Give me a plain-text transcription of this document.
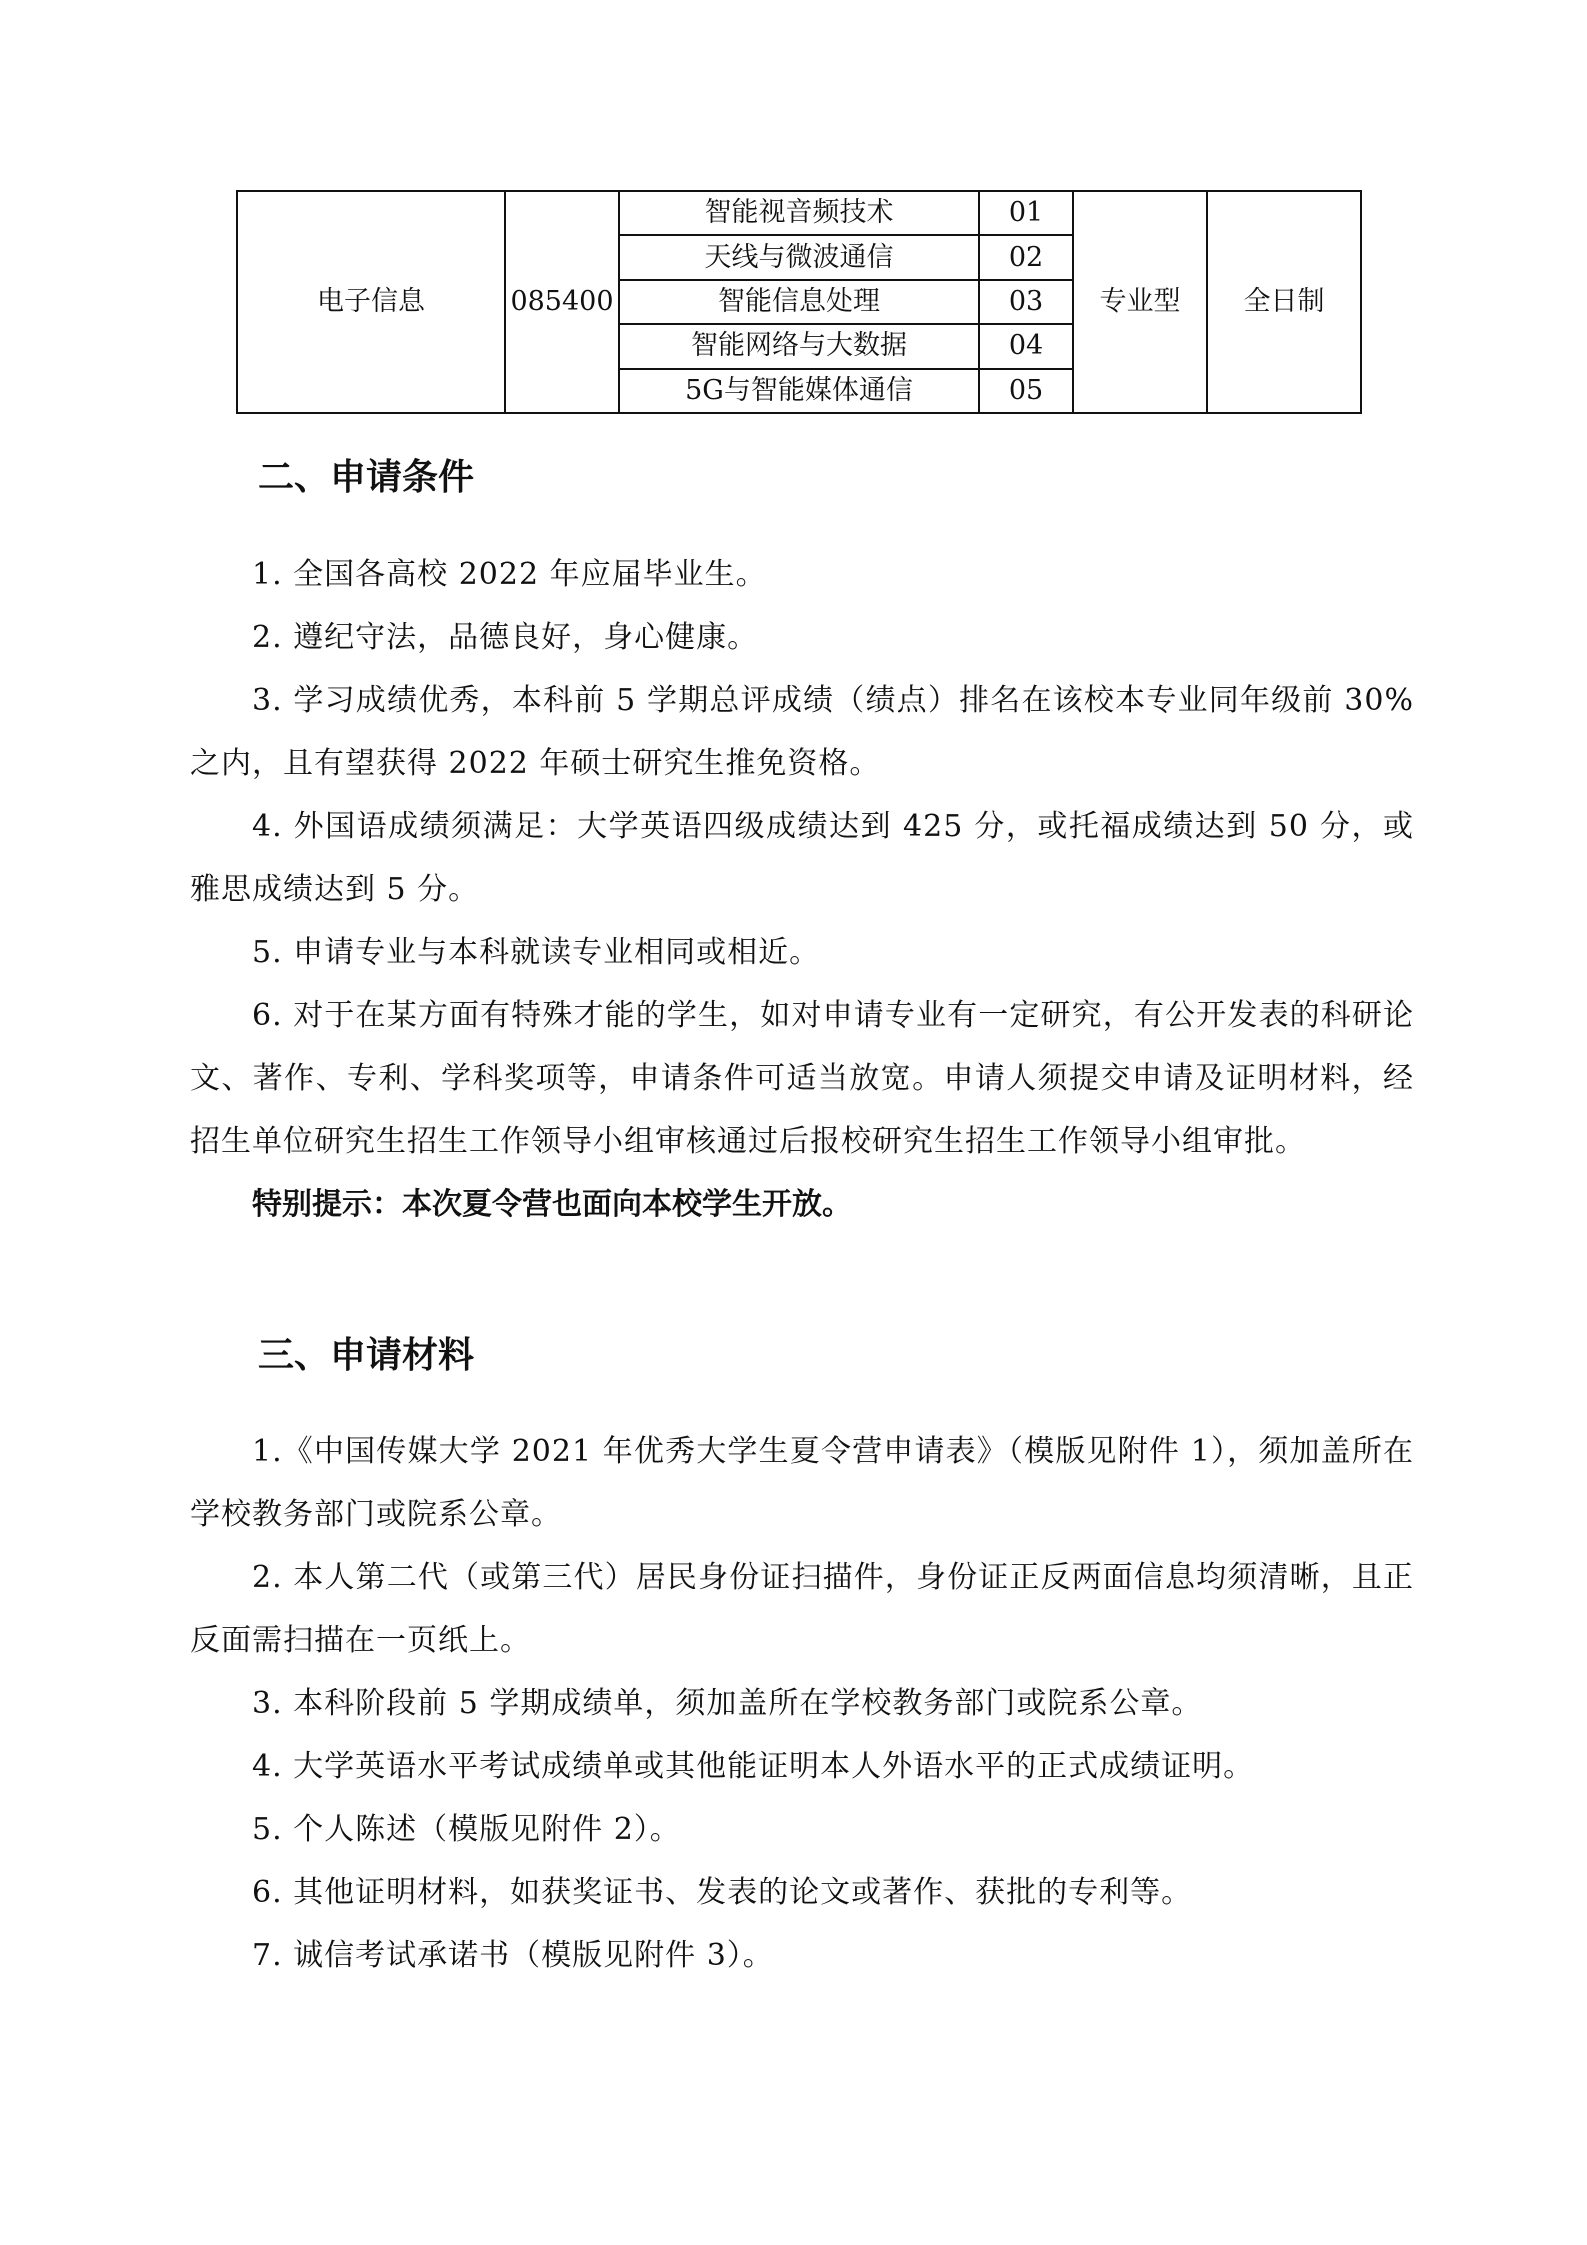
电子信息	085400	智能视音频技术	01	专业型	全日制
		天线与微波通信	02		
		智能信息处理	03		
		智能网络与大数据	04		
		5G与智能媒体通信	05		
二、申请条件

1. 全国各高校 2022 年应届毕业生。

2. 遵纪守法，品德良好，身心健康。

3. 学习成绩优秀，本科前 5 学期总评成绩（绩点）排名在该校本专业同年级前 30%之内，且有望获得 2022 年硕士研究生推免资格。

4. 外国语成绩须满足：大学英语四级成绩达到 425 分，或托福成绩达到 50 分，或雅思成绩达到 5 分。

5. 申请专业与本科就读专业相同或相近。

6. 对于在某方面有特殊才能的学生，如对申请专业有一定研究，有公开发表的科研论文、著作、专利、学科奖项等，申请条件可适当放宽。申请人须提交申请及证明材料，经招生单位研究生招生工作领导小组审核通过后报校研究生招生工作领导小组审批。

特别提示：本次夏令营也面向本校学生开放。

三、申请材料

1.《中国传媒大学 2021 年优秀大学生夏令营申请表》（模版见附件 1），须加盖所在学校教务部门或院系公章。

2. 本人第二代（或第三代）居民身份证扫描件，身份证正反两面信息均须清晰，且正反面需扫描在一页纸上。

3. 本科阶段前 5 学期成绩单，须加盖所在学校教务部门或院系公章。

4. 大学英语水平考试成绩单或其他能证明本人外语水平的正式成绩证明。

5. 个人陈述（模版见附件 2）。

6. 其他证明材料，如获奖证书、发表的论文或著作、获批的专利等。

7. 诚信考试承诺书（模版见附件 3）。
